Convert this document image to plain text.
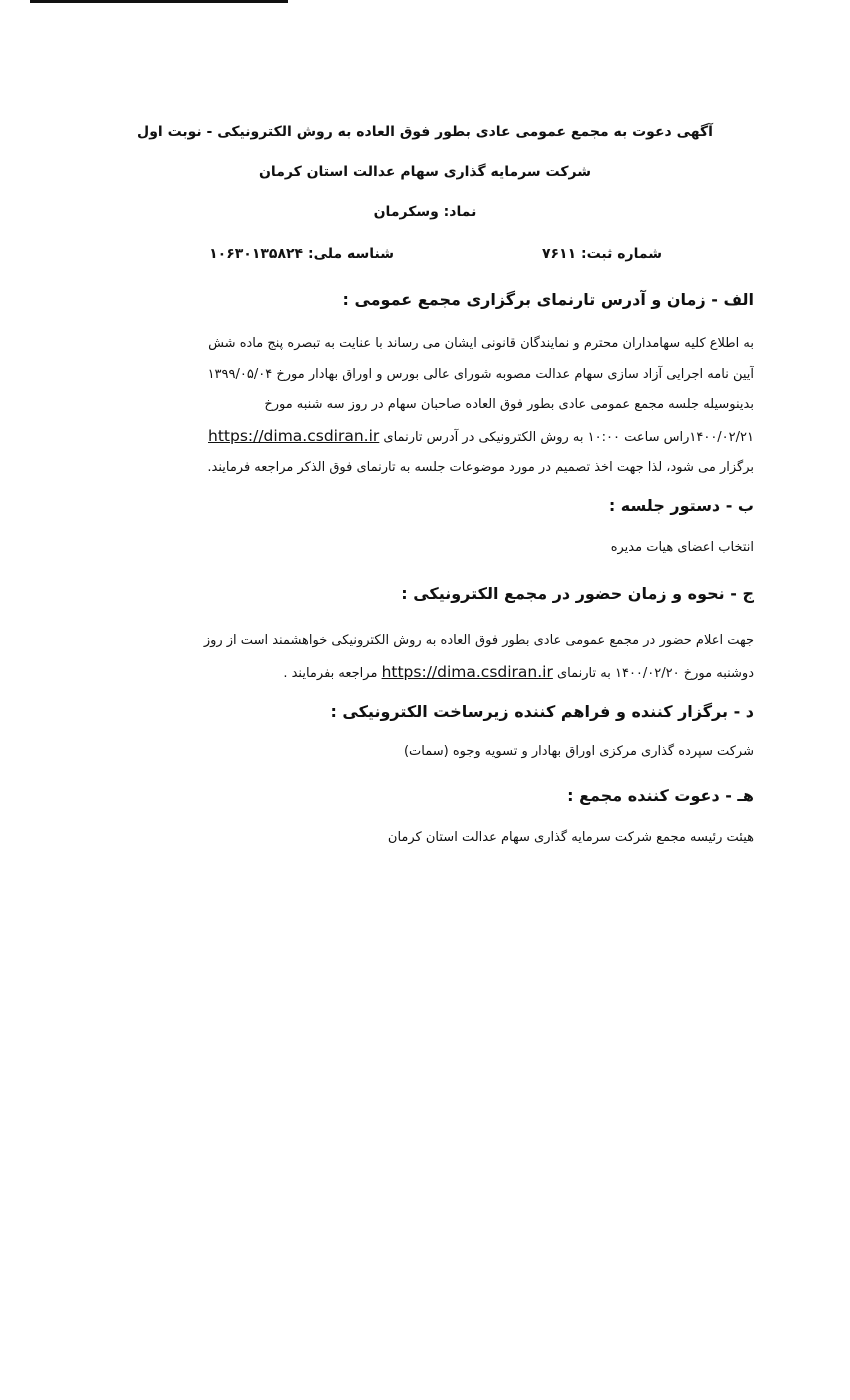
آگهی دعوت به مجمع عمومی عادی بطور فوق العاده به روش الکترونیکی - نوبت اول
شرکت سرمایه گذاری سهام عدالت استان کرمان
نماد: وسکرمان
شماره ثبت: ۷۶۱۱
شناسه ملی: ۱۰۶۳۰۱۳۵۸۲۴
الف - زمان و آدرس تارنمای برگزاری مجمع عمومی :
به اطلاع کلیه سهامداران محترم و نمایندگان قانونی ایشان می رساند با عنایت به تبصره پنج ماده شش
آیین نامه اجرایی آزاد سازی سهام عدالت مصوبه شورای عالی بورس و اوراق بهادار مورخ ۱۳۹۹/۰۵/۰۴
بدینوسیله جلسه مجمع عمومی عادی بطور فوق العاده صاحبان سهام در روز سه شنبه مورخ
۱۴۰۰/۰۲/۲۱راس ساعت ۱۰:۰۰ به روش الکترونیکی در آدرس تارنمای https://dima.csdiran.ir
برگزار می شود، لذا جهت اخذ تصمیم در مورد موضوعات جلسه به تارنمای فوق الذکر مراجعه فرمایند.
ب - دستور جلسه :
انتخاب اعضای هیات مدیره
ج - نحوه و زمان حضور در مجمع الکترونیکی :
جهت اعلام حضور در مجمع عمومی عادی بطور فوق العاده به روش الکترونیکی خواهشمند است از روز
دوشنبه مورخ ۱۴۰۰/۰۲/۲۰ به تارنمای https://dima.csdiran.ir مراجعه بفرمایند .
د - برگزار کننده و فراهم کننده زیرساخت الکترونیکی :
شرکت سپرده گذاری مرکزی اوراق بهادار و تسویه وجوه (سمات)
هـ - دعوت کننده مجمع :
هیئت رئیسه مجمع شرکت سرمایه گذاری سهام عدالت استان کرمان
